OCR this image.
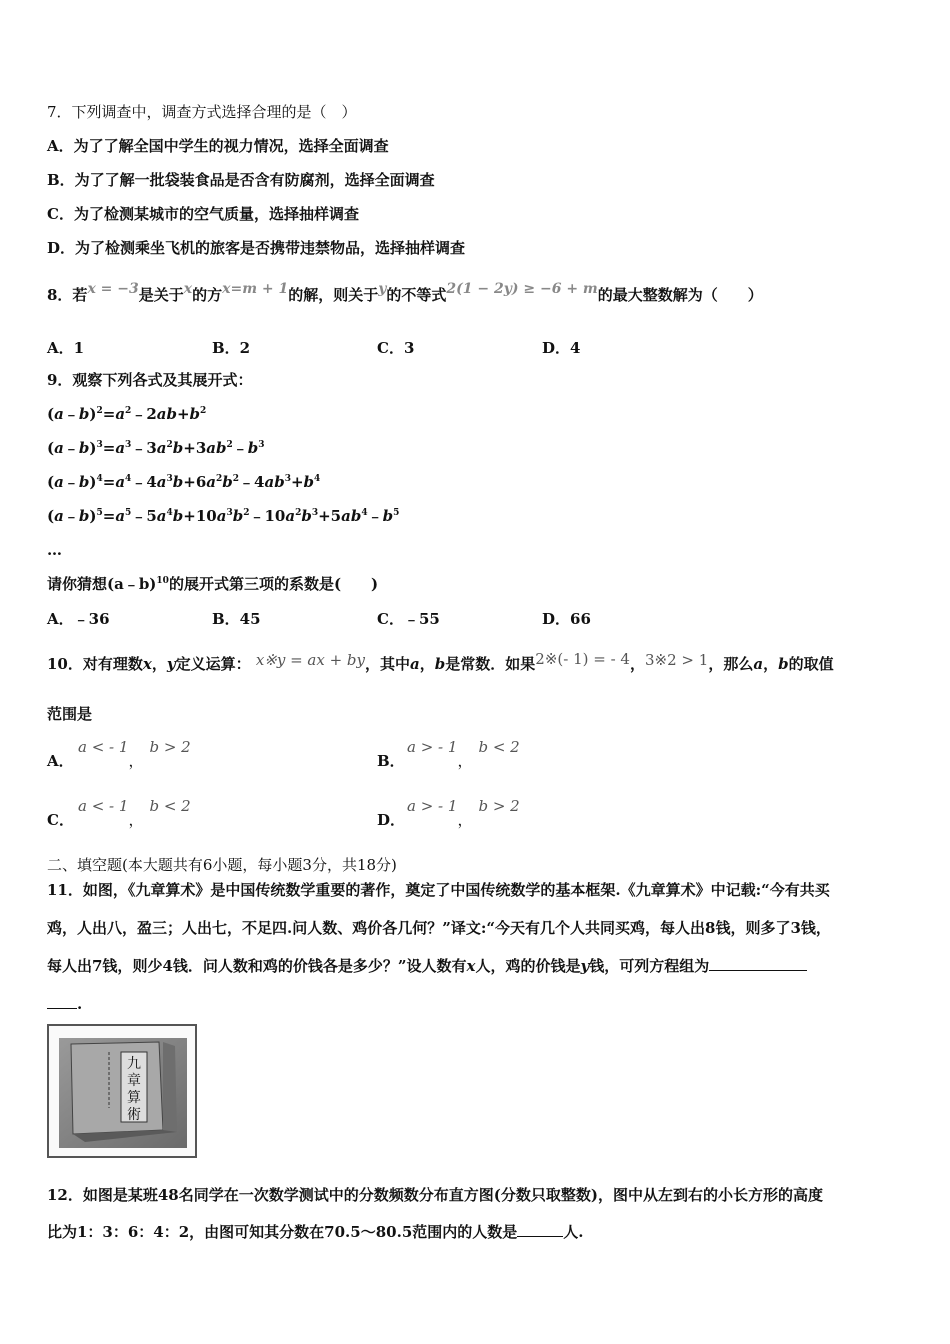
7．下列调查中，调查方式选择合理的是（　）
A．为了了解全国中学生的视力情况，选择全面调查
B．为了了解一批袋装食品是否含有防腐剂，选择全面调查
C．为了检测某城市的空气质量，选择抽样调查
D．为了检测乘坐飞机的旅客是否携带违禁物品，选择抽样调查
8．若x = −3是关于x的方x=m + 1的解，则关于y的不等式2(1 − 2y) ≥ −6 + m的最大整数解为（　　）
A．1	B．2	C．3	D．4
9．观察下列各式及其展开式：
$(a﹣b)^2=a^2﹣2ab+b^2$
$(a﹣b)^3=a^3﹣3a^2b+3ab^2﹣b^3$
$(a﹣b)^4=a^4﹣4a^3b+6a^2b^2﹣4ab^3+b^4$
$(a﹣b)^5=a^5﹣5a^4b+10a^3b^2﹣10a^2b^3+5ab^4﹣b^5$
…
请你猜想(a﹣b)$^{10}$的展开式第三项的系数是(　　)
A．﹣36	B．45	C．﹣55	D．66
10．对有理数x，y定义运算： x※y = ax + by，其中a，b是常数．如果2※(- 1) = - 4，3※2 > 1，那么a，b的取值
范围是
A．
a < - 1，b > 2
B．
a > - 1，b < 2
C．
a < - 1，b < 2
D．
a > - 1，b > 2
二、填空题(本大题共有6小题，每小题3分，共18分)
11．如图，《九章算术》是中国传统数学重要的著作，奠定了中国传统数学的基本框架.《九章算术》中记载:“今有共买
鸡，人出八，盈三；人出七，不足四.问人数、鸡价各几何？”译文:“今天有几个人共同买鸡，每人出8钱，则多了3钱，
每人出7钱，则少4钱．问人数和鸡的价钱各是多少？”设人数有x人，鸡的价钱是y钱，可列方程组为
.
九
章
算
術
12．如图是某班48名同学在一次数学测试中的分数频数分布直方图(分数只取整数)，图中从左到右的小长方形的高度
比为1：3：6：4：2，由图可知其分数在70.5～80.5范围内的人数是	人.
